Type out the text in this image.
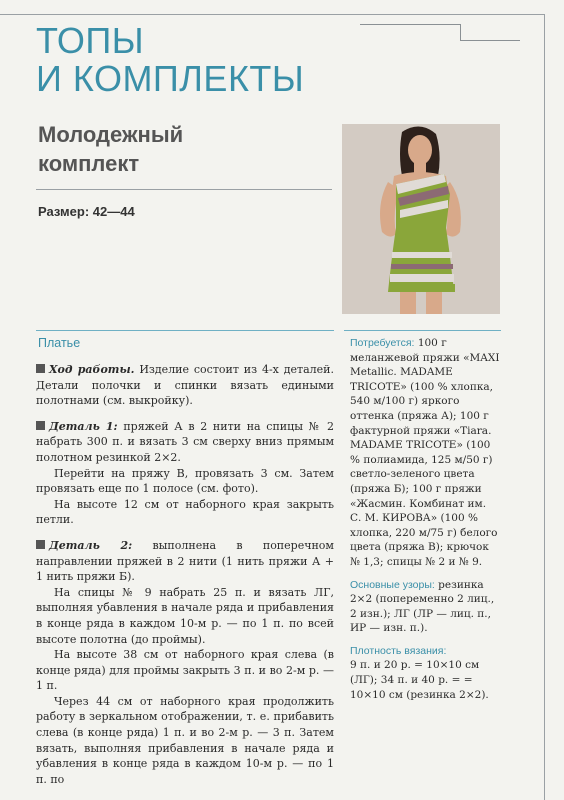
ТОПЫ
И КОМПЛЕКТЫ
Молодежный
комплект
Размер: 42—44
Платье

Ход работы. Изделие состоит из 4-х деталей. Детали полочки и спинки вязать едиными полотнами (см. выкройку).

Деталь 1: пряжей А в 2 нити на спицы № 2 набрать 300 п. и вязать 3 см сверху вниз прямым полотном резинкой 2×2.

Перейти на пряжу В, провязать 3 см. Затем провязать еще по 1 полосе (см. фото).

На высоте 12 см от наборного края закрыть петли.

Деталь 2: выполнена в поперечном направлении пряжей в 2 нити (1 нить пряжи А + 1 нить пряжи Б).

На спицы № 9 набрать 25 п. и вязать ЛГ, выполняя убавления в начале ряда и прибавления в конце ряда в каждом 10-м р. — по 1 п. по всей высоте полотна (до проймы).

На высоте 38 см от наборного края слева (в конце ряда) для проймы закрыть 3 п. и во 2-м р. — 1 п.

Через 44 см от наборного края продолжить работу в зеркальном отображении, т. е. прибавить слева (в конце ряда) 1 п. и во 2-м р. — 3 п. Затем вязать, выполняя прибавления в начале ряда и убавления в конце ряда в каждом 10-м р. — по 1 п. по

Потребуется: 100 г меланжевой пряжи «MAXI Metallic. MADAME TRICOTE» (100 % хлопка, 540 м/100 г) яркого оттенка (пряжа А); 100 г фактурной пряжи «Tiara. MADAME TRICOTE» (100 % полиамида, 125 м/50 г) светло-зеленого цвета (пряжа Б); 100 г пряжи «Жасмин. Комбинат им. С. М. КИРОВА» (100 % хлопка, 220 м/75 г) белого цвета (пряжа В); крючок № 1,3; спицы № 2 и № 9.

Основные узоры: резинка 2×2 (попеременно 2 лиц., 2 изн.); ЛГ (ЛР — лиц. п., ИР — изн. п.).

Плотность вязания:
9 п. и 20 р. = 10×10 см (ЛГ); 34 п. и 40 р. = = 10×10 см (резинка 2×2).
